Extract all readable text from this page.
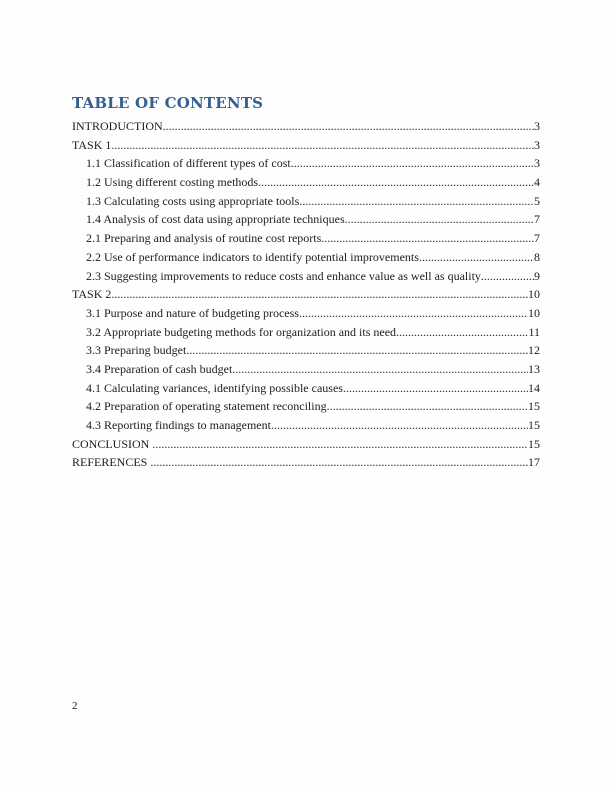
TABLE OF CONTENTS
INTRODUCTION .....	3
TASK 1 .....	3
1.1 Classification of different types of cost .....	3
1.2 Using different costing methods .....	4
1.3 Calculating costs using appropriate tools .....	5
1.4 Analysis of cost data using appropriate techniques .....	7
2.1 Preparing and analysis of routine cost reports .....	7
2.2 Use of performance indicators to identify potential improvements .....	8
2.3 Suggesting improvements to reduce costs and enhance value as well as quality .....	9
TASK 2 .....	10
3.1 Purpose and nature of budgeting process .....	10
3.2 Appropriate budgeting methods for organization and its need .....	11
3.3 Preparing budget .....	12
3.4 Preparation of cash budget .....	13
4.1 Calculating variances, identifying possible causes .....	14
4.2 Preparation of operating statement reconciling .....	15
4.3 Reporting findings to management .....	15
CONCLUSION .....	15
REFERENCES .....	17
2
